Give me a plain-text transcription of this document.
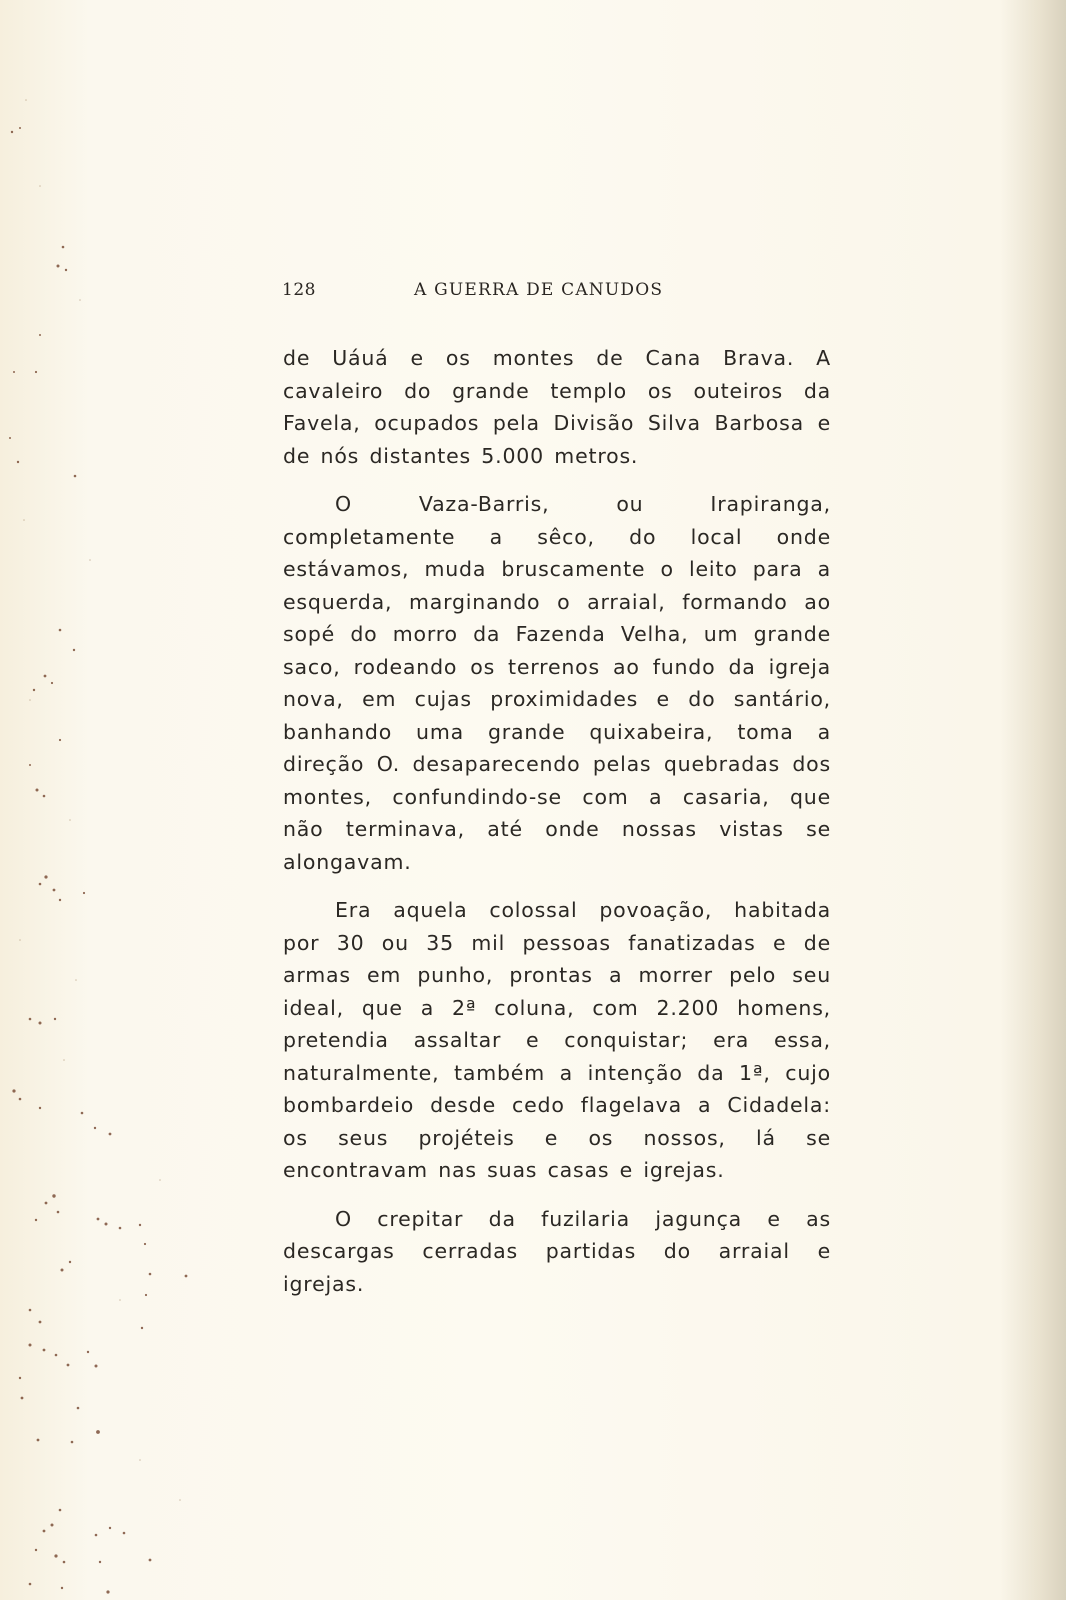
128	A GUERRA DE CANUDOS

de Uáuá e os montes de Cana Brava. A cavaleiro do grande templo os outeiros da Favela, ocupados pela Divisão Silva Barbosa e de nós distantes 5.000 metros.

O Vaza-Barris, ou Irapiranga, completamente a sêco, do local onde estávamos, muda bruscamente o leito para a esquerda, marginando o arraial, formando ao sopé do morro da Fazenda Velha, um grande saco, rodeando os terrenos ao fundo da igreja nova, em cujas proximidades e do santário, banhando uma grande quixabeira, toma a direção O. desaparecendo pelas quebradas dos montes, confundindo-se com a casaria, que não terminava, até onde nossas vistas se alongavam.

Era aquela colossal povoação, habitada por 30 ou 35 mil pessoas fanatizadas e de armas em punho, prontas a morrer pelo seu ideal, que a 2ª coluna, com 2.200 homens, pretendia assaltar e conquistar; era essa, naturalmente, também a intenção da 1ª, cujo bombardeio desde cedo flagelava a Cidadela: os seus projéteis e os nossos, lá se encontravam nas suas casas e igrejas.

O crepitar da fuzilaria jagunça e as descargas cerradas partidas do arraial e igrejas.
